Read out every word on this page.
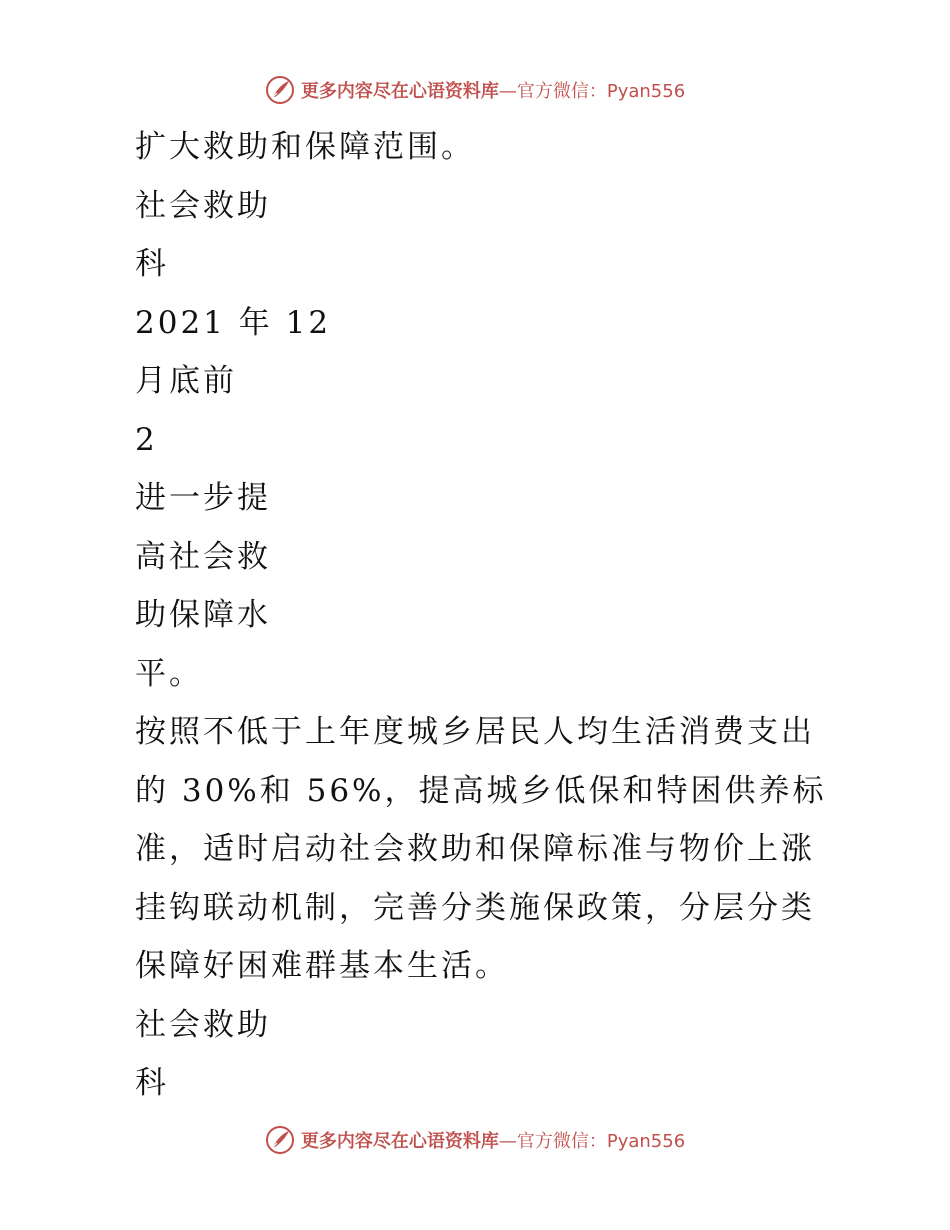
更多内容尽在心语资料库—官方微信：Pyan556
扩大救助和保障范围。
社会救助
科
2021 年 12
月底前
2
进一步提
高社会救
助保障水
平。
按照不低于上年度城乡居民人均生活消费支出
的 30%和 56%，提高城乡低保和特困供养标
准，适时启动社会救助和保障标准与物价上涨
挂钩联动机制，完善分类施保政策，分层分类
保障好困难群基本生活。
社会救助
科
更多内容尽在心语资料库—官方微信：Pyan556
